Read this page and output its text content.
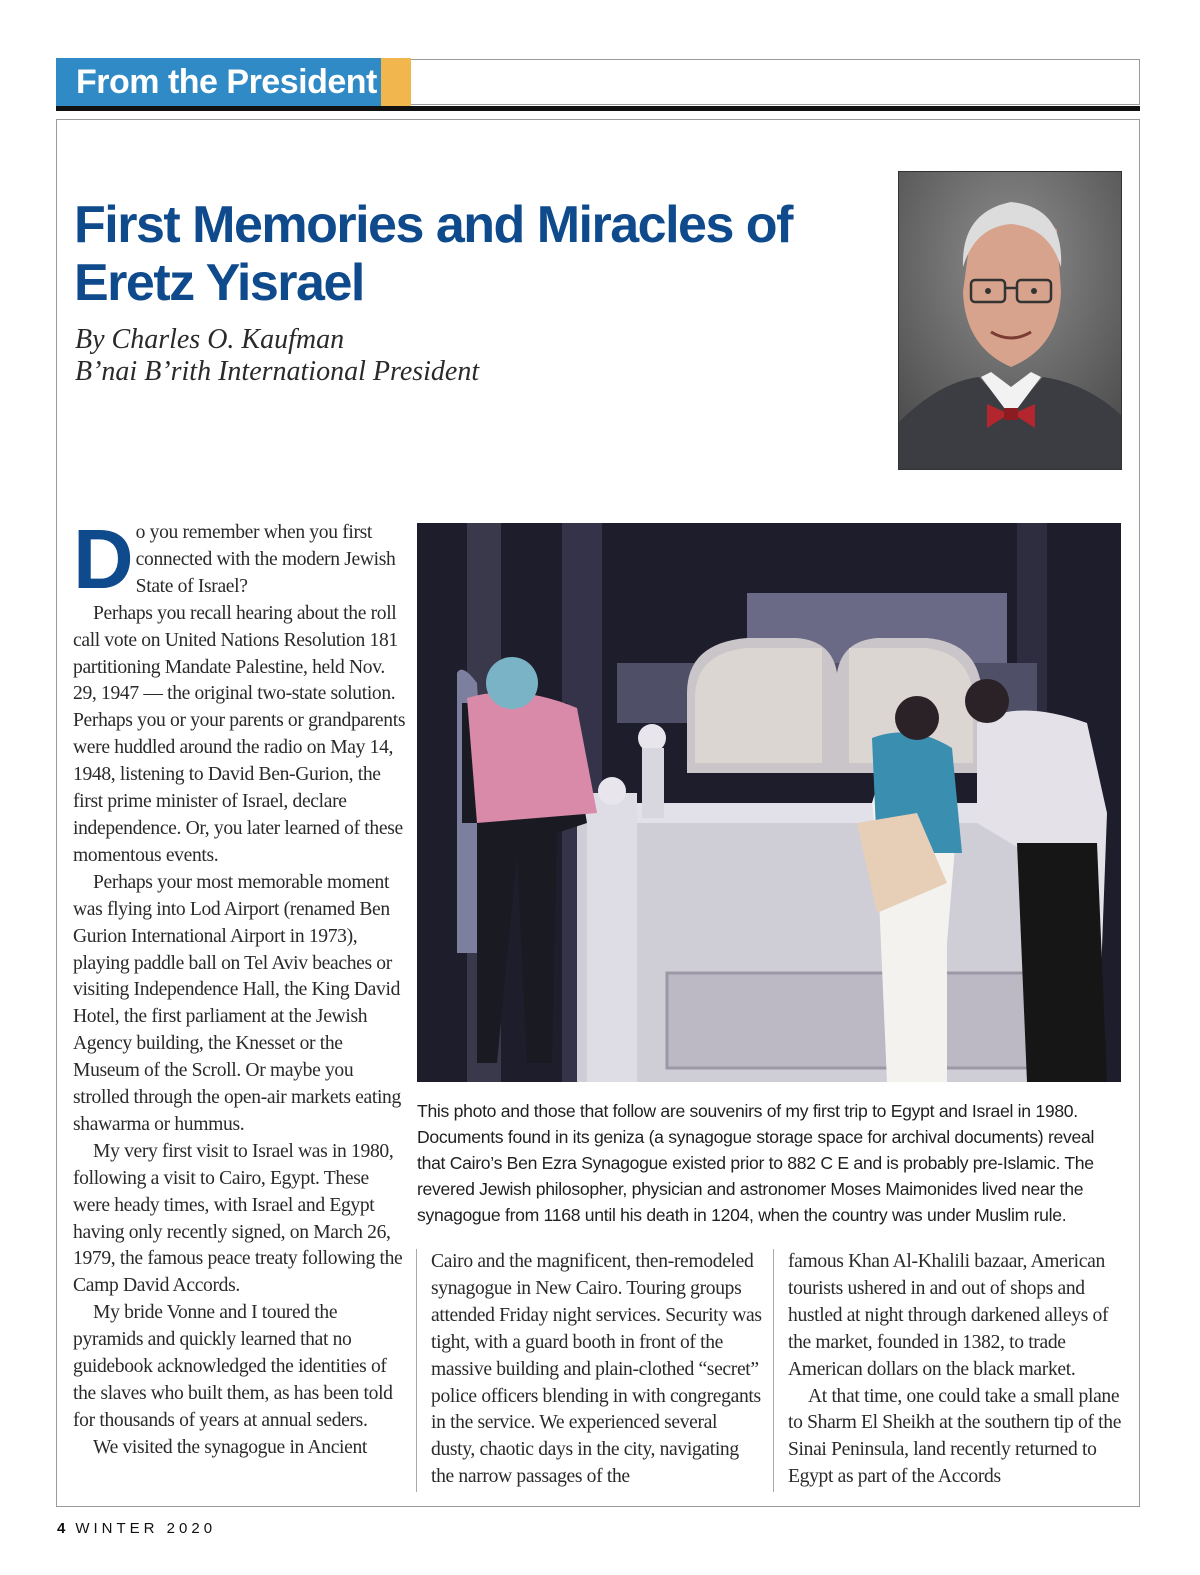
From the President
First Memories and Miracles of
Eretz Yisrael
By Charles O. Kaufman
B’nai B’rith International President
This photo and those that follow are souvenirs of my first trip to Egypt and Israel in 1980. Documents found in its geniza (a synagogue storage space for archival documents) reveal that Cairo’s Ben Ezra Synagogue existed prior to 882 C E and is probably pre-Islamic. The revered Jewish philosopher, physician and astronomer Moses Maimonides lived near the synagogue from 1168 until his death in 1204, when the country was under Muslim rule.

Do you remember when you first connected with the modern Jewish State of Israel?

Perhaps you recall hearing about the roll call vote on United Nations Resolution 181 partitioning Mandate Palestine, held Nov. 29, 1947 — the original two-state solution. Perhaps you or your parents or grandparents were huddled around the radio on May 14, 1948, listening to David Ben-Gurion, the first prime minister of Israel, declare independence. Or, you later learned of these momentous events.

Perhaps your most memorable moment was flying into Lod Airport (renamed Ben Gurion International Airport in 1973), playing paddle ball on Tel Aviv beaches or visiting Independence Hall, the King David Hotel, the first parliament at the Jewish Agency building, the Knesset or the Museum of the Scroll. Or maybe you strolled through the open-air markets eating shawarma or hummus.

My very first visit to Israel was in 1980, following a visit to Cairo, Egypt. These were heady times, with Israel and Egypt having only recently signed, on March 26, 1979, the famous peace treaty following the Camp David Accords.

My bride Vonne and I toured the pyramids and quickly learned that no guidebook acknowledged the identities of the slaves who built them, as has been told for thousands of years at annual seders.

We visited the synagogue in Ancient

Cairo and the magnificent, then-remodeled synagogue in New Cairo. Touring groups attended Friday night services. Security was tight, with a guard booth in front of the massive building and plain-clothed “secret” police officers blending in with congregants in the service. We experienced several dusty, chaotic days in the city, navigating the narrow passages of the

famous Khan Al-Khalili bazaar, American tourists ushered in and out of shops and hustled at night through darkened alleys of the market, founded in 1382, to trade American dollars on the black market.

At that time, one could take a small plane to Sharm El Sheikh at the southern tip of the Sinai Peninsula, land recently returned to Egypt as part of the Accords

4 WINTER 2020
